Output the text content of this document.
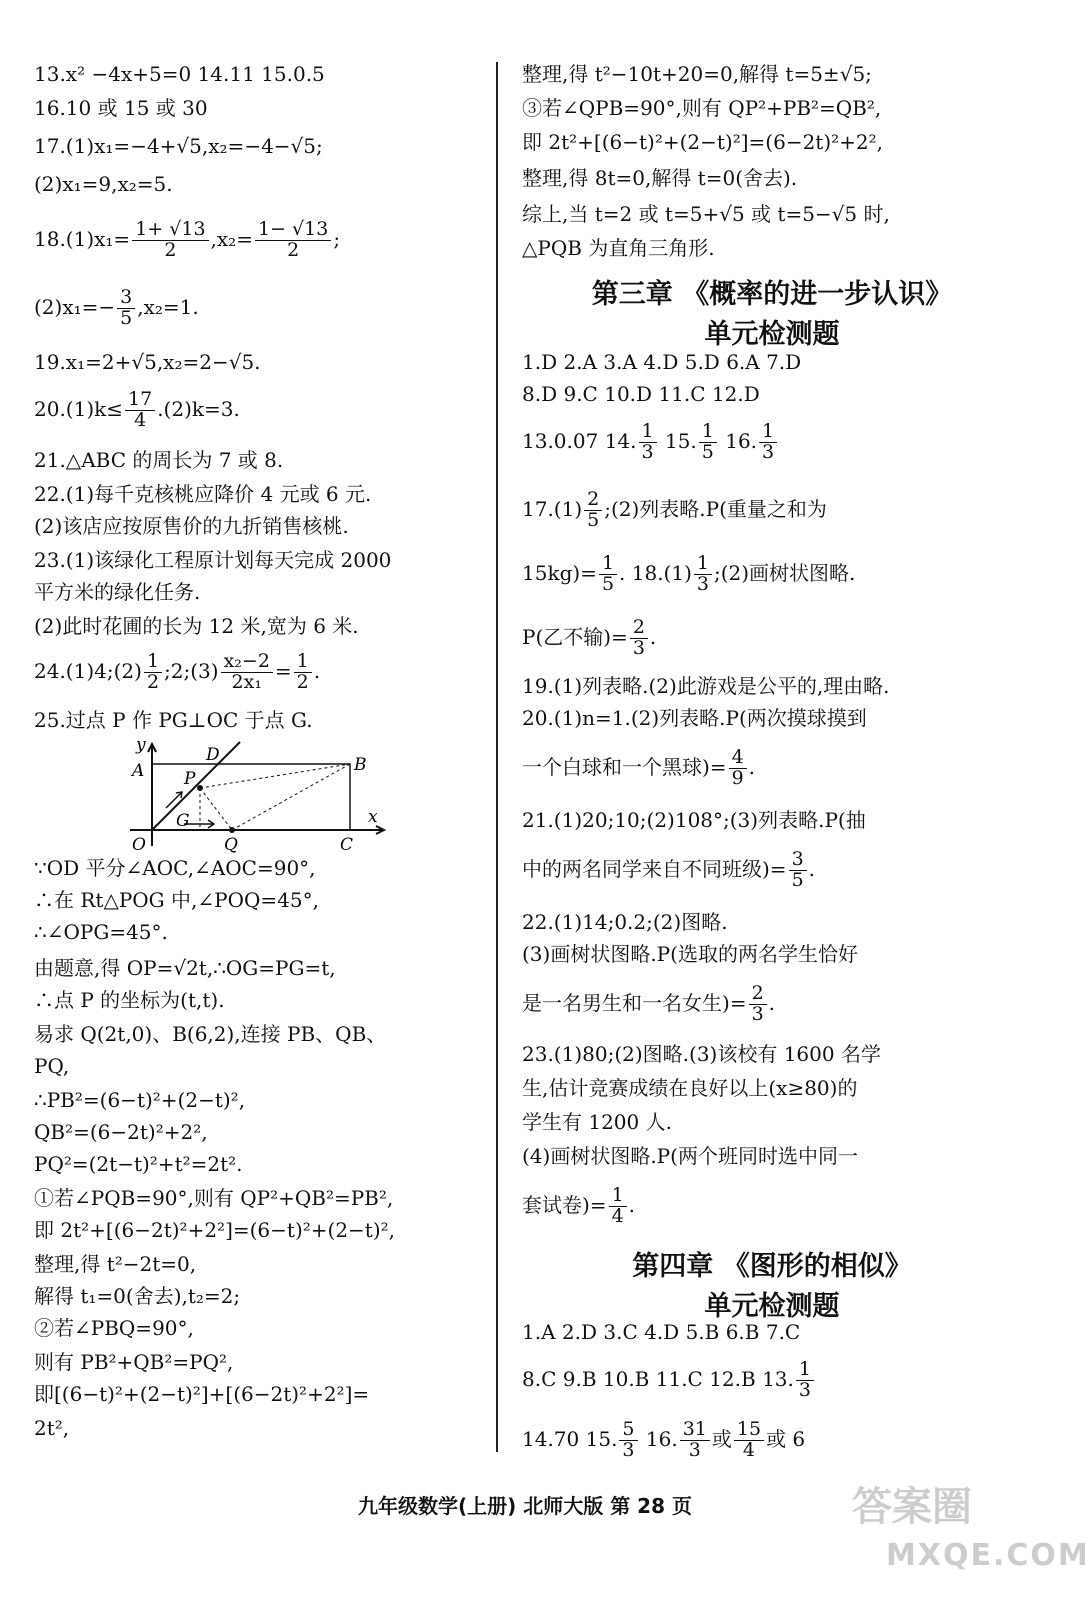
13.x² −4x+5=0 14.11 15.0.5
16.10 或 15 或 30
17.(1)x₁=−4+√5,x₂=−4−√5;
(2)x₁=9,x₂=5.
$18.(1)x_1= \frac{1+ √13}{2} ,x_2= \frac{1- √13}{2}$ ;
$(2)x_1=- \frac{3}{5} ,x_2=1$.
19.x₁=2+√5,x₂=2−√5.
$20.(1)k\le \frac{17}{4} .(2)k=3$.
21.△ABC 的周长为 7 或 8.
22.(1)每千克核桃应降价 4 元或 6 元.
(2)该店应按原售价的九折销售核桃.
23.(1)该绿化工程原计划每天完成 2000
平方米的绿化任务.
(2)此时花圃的长为 12 米,宽为 6 米.
24.(1)4;(2) $\frac{1}{2}$ ;2;(3) $\frac{\text{x₂−2}}{\text{2x₁}} = \frac{1}{2}$ .
25.过点 P 作 PG⊥OC 于点 G.
y	D
A	B
P
G
O	Q	C
x
∵OD 平分∠AOC,∠AOC=90°,
∴在 Rt△POG 中,∠POQ=45°,
∴∠OPG=45°.
由题意,得 OP=√2t,∴OG=PG=t,
∴点 P 的坐标为(t,t).
易求 Q(2t,0)、B(6,2),连接 PB、QB、
PQ,
∴PB²=(6−t)²+(2−t)²,
QB²=(6−2t)²+2²,
PQ²=(2t−t)²+t²=2t².
①若∠PQB=90°,则有 QP²+QB²=PB²,
即 2t²+[(6−2t)²+2²]=(6−t)²+(2−t)²,
整理,得 t²−2t=0,
解得 t₁=0(舍去),t₂=2;
②若∠PBQ=90°,
则有 PB²+QB²=PQ²,
即[(6−t)²+(2−t)²]+[(6−2t)²+2²]=
2t²,
整理,得 t²−10t+20=0,解得 t=5±√5;
③若∠QPB=90°,则有 QP²+PB²=QB²,
即 2t²+[(6−t)²+(2−t)²]=(6−2t)²+2²,
整理,得 8t=0,解得 t=0(舍去).
综上,当 t=2 或 t=5+√5 或 t=5−√5 时,
△PQB 为直角三角形.
第三章 《概率的进一步认识》
单元检测题
1.D 2.A 3.A 4.D 5.D 6.A 7.D
8.D 9.C 10.D 11.C 12.D
13.0.07 14. $\frac{1}{3} 15$. $\frac{1}{5} 16$. $\frac{1}{3}$
$17.(1) \frac{2}{5}$ ;(2)列表略.P(重量之和为
$15kg)= \frac{1}{5}$ . $18.(1) \frac{1}{3}$ ;(2)画树状图略.
P(乙不输)= $\frac{2}{3}$ .
19.(1)列表略.(2)此游戏是公平的,理由略.
20.(1)n=1.(2)列表略.P(两次摸球摸到
一个白球和一个黑球)= $\frac{4}{9}$ .
21.(1)20;10;(2)108°;(3)列表略.P(抽
中的两名同学来自不同班级)= $\frac{3}{5}$ .
22.(1)14;0.2;(2)图略.
(3)画树状图略.P(选取的两名学生恰好
是一名男生和一名女生)= $\frac{2}{3}$ .
23.(1)80;(2)图略.(3)该校有 1600 名学
生,估计竞赛成绩在良好以上(x≥80)的
学生有 1200 人.
(4)画树状图略.P(两个班同时选中同一
套试卷)= $\frac{1}{4}$ .
第四章 《图形的相似》
单元检测题
1.A 2.D 3.C 4.D 5.B 6.B 7.C
8.C 9.B 10.B 11.C 12.B 13. $\frac{1}{3}$
14.70 15. $\frac{5}{3} 16$. $\frac{31}{3}$ 或 $\frac{15}{4}$ 或 6
九年级数学(上册) 北师大版 第 28 页	答案圈
MXQE.COM
